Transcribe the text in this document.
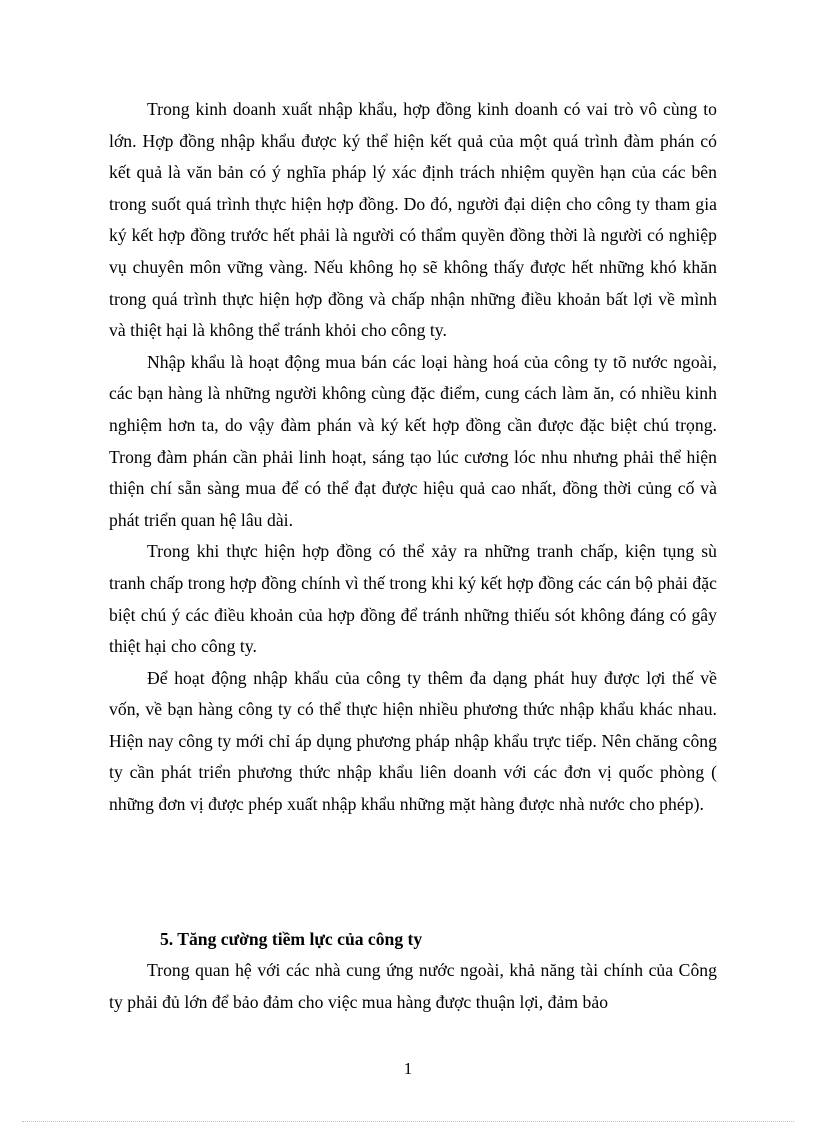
Trong kinh doanh xuất nhập khẩu, hợp đồng kinh doanh có vai trò vô cùng to lớn. Hợp đồng nhập khẩu được ký thể hiện kết quả của một quá trình đàm phán có kết quả là văn bản có ý nghĩa pháp lý xác định trách nhiệm quyền hạn của các bên trong suốt quá trình thực hiện hợp đồng. Do đó, người đại diện cho công ty tham gia ký kết hợp đồng trước hết phải là người có thẩm quyền đồng thời là người có nghiệp vụ chuyên môn vững vàng. Nếu không họ sẽ không thấy được hết những khó khăn trong quá trình thực hiện hợp đồng và chấp nhận những điều khoản bất lợi về mình và thiệt hại là không thể tránh khỏi cho công ty.

Nhập khẩu là hoạt động mua bán các loại hàng hoá của công ty tõ nước ngoài, các bạn hàng là những người không cùng đặc điểm, cung cách làm ăn, có nhiều kinh nghiệm hơn ta, do vậy đàm phán và ký kết hợp đồng cần được đặc biệt chú trọng. Trong đàm phán cần phải linh hoạt, sáng tạo lúc cương lóc nhu nhưng phải thể hiện thiện chí sẵn sàng mua để có thể đạt được hiệu quả cao nhất, đồng thời củng cố và phát triển quan hệ lâu dài.

Trong khi thực hiện hợp đồng có thể xảy ra những tranh chấp, kiện tụng sù tranh chấp trong hợp đồng chính vì thế trong khi ký kết hợp đồng các cán bộ phải đặc biệt chú ý các điều khoản của hợp đồng để tránh những thiếu sót không đáng có gây thiệt hại cho công ty.

Để hoạt động nhập khẩu của công ty thêm đa dạng phát huy được lợi thế về vốn, về bạn hàng công ty có thể thực hiện nhiều phương thức nhập khẩu khác nhau. Hiện nay công ty mới chỉ áp dụng phương pháp nhập khẩu trực tiếp. Nên chăng công ty cần phát triển phương thức nhập khẩu liên doanh với các đơn vị quốc phòng ( những đơn vị được phép xuất nhập khẩu những mặt hàng được nhà nước cho phép).

5. Tăng cường tiềm lực của công ty

Trong quan hệ với các nhà cung ứng nước ngoài, khả năng tài chính của Công ty phải đủ lớn để bảo đảm cho việc mua hàng được thuận lợi, đảm bảo

1
